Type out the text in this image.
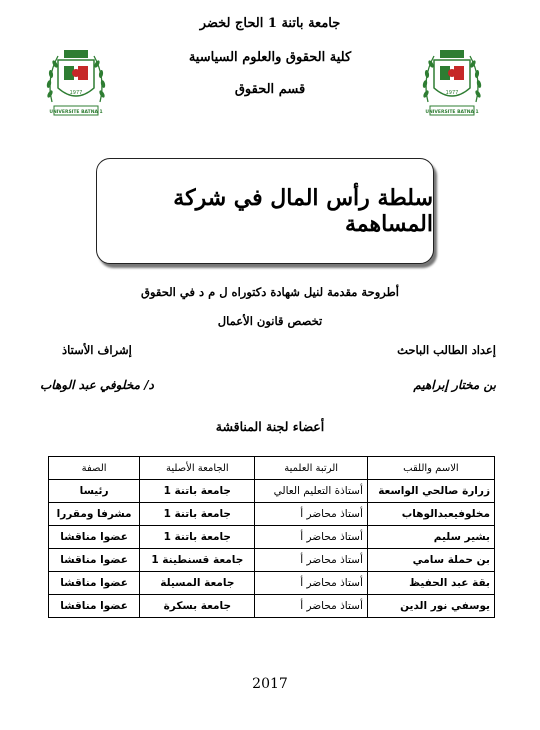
جامعة باتنة 1 الحاج لخضر
كلية الحقوق والعلوم السياسية
قسم الحقوق
1977
UNIVERSITE BATNA 1
1977
UNIVERSITE BATNA 1
سلطة رأس المال في شركة المساهمة
أطروحة مقدمة لنيل شهادة دكتوراه ل م د في الحقوق
تخصص قانون الأعمال
إعداد الطالب الباحث
إشراف الأستاذ
بن مختار إبراهيم
د/ مخلوفي عبد الوهاب
أعضاء لجنة المناقشة
الاسم واللقب	الرتبة العلمية	الجامعة الأصلية	الصفة
زرارة صالحي الواسعة	أستاذة التعليم العالي	جامعة باتنة 1	رئيسا
مخلوفيعبدالوهاب	أستاذ محاضر أ	جامعة باتنة 1	مشرفا ومقررا
بشير سليم	أستاذ محاضر أ	جامعة باتنة 1	عضوا مناقشا
بن حملة سامي	أستاذ محاضر أ	جامعة قسنطينة 1	عضوا مناقشا
بقة عبد الحفيظ	أستاذ محاضر أ	جامعة المسيلة	عضوا مناقشا
يوسفي نور الدين	أستاذ محاضر أ	جامعة بسكرة	عضوا مناقشا
2017
